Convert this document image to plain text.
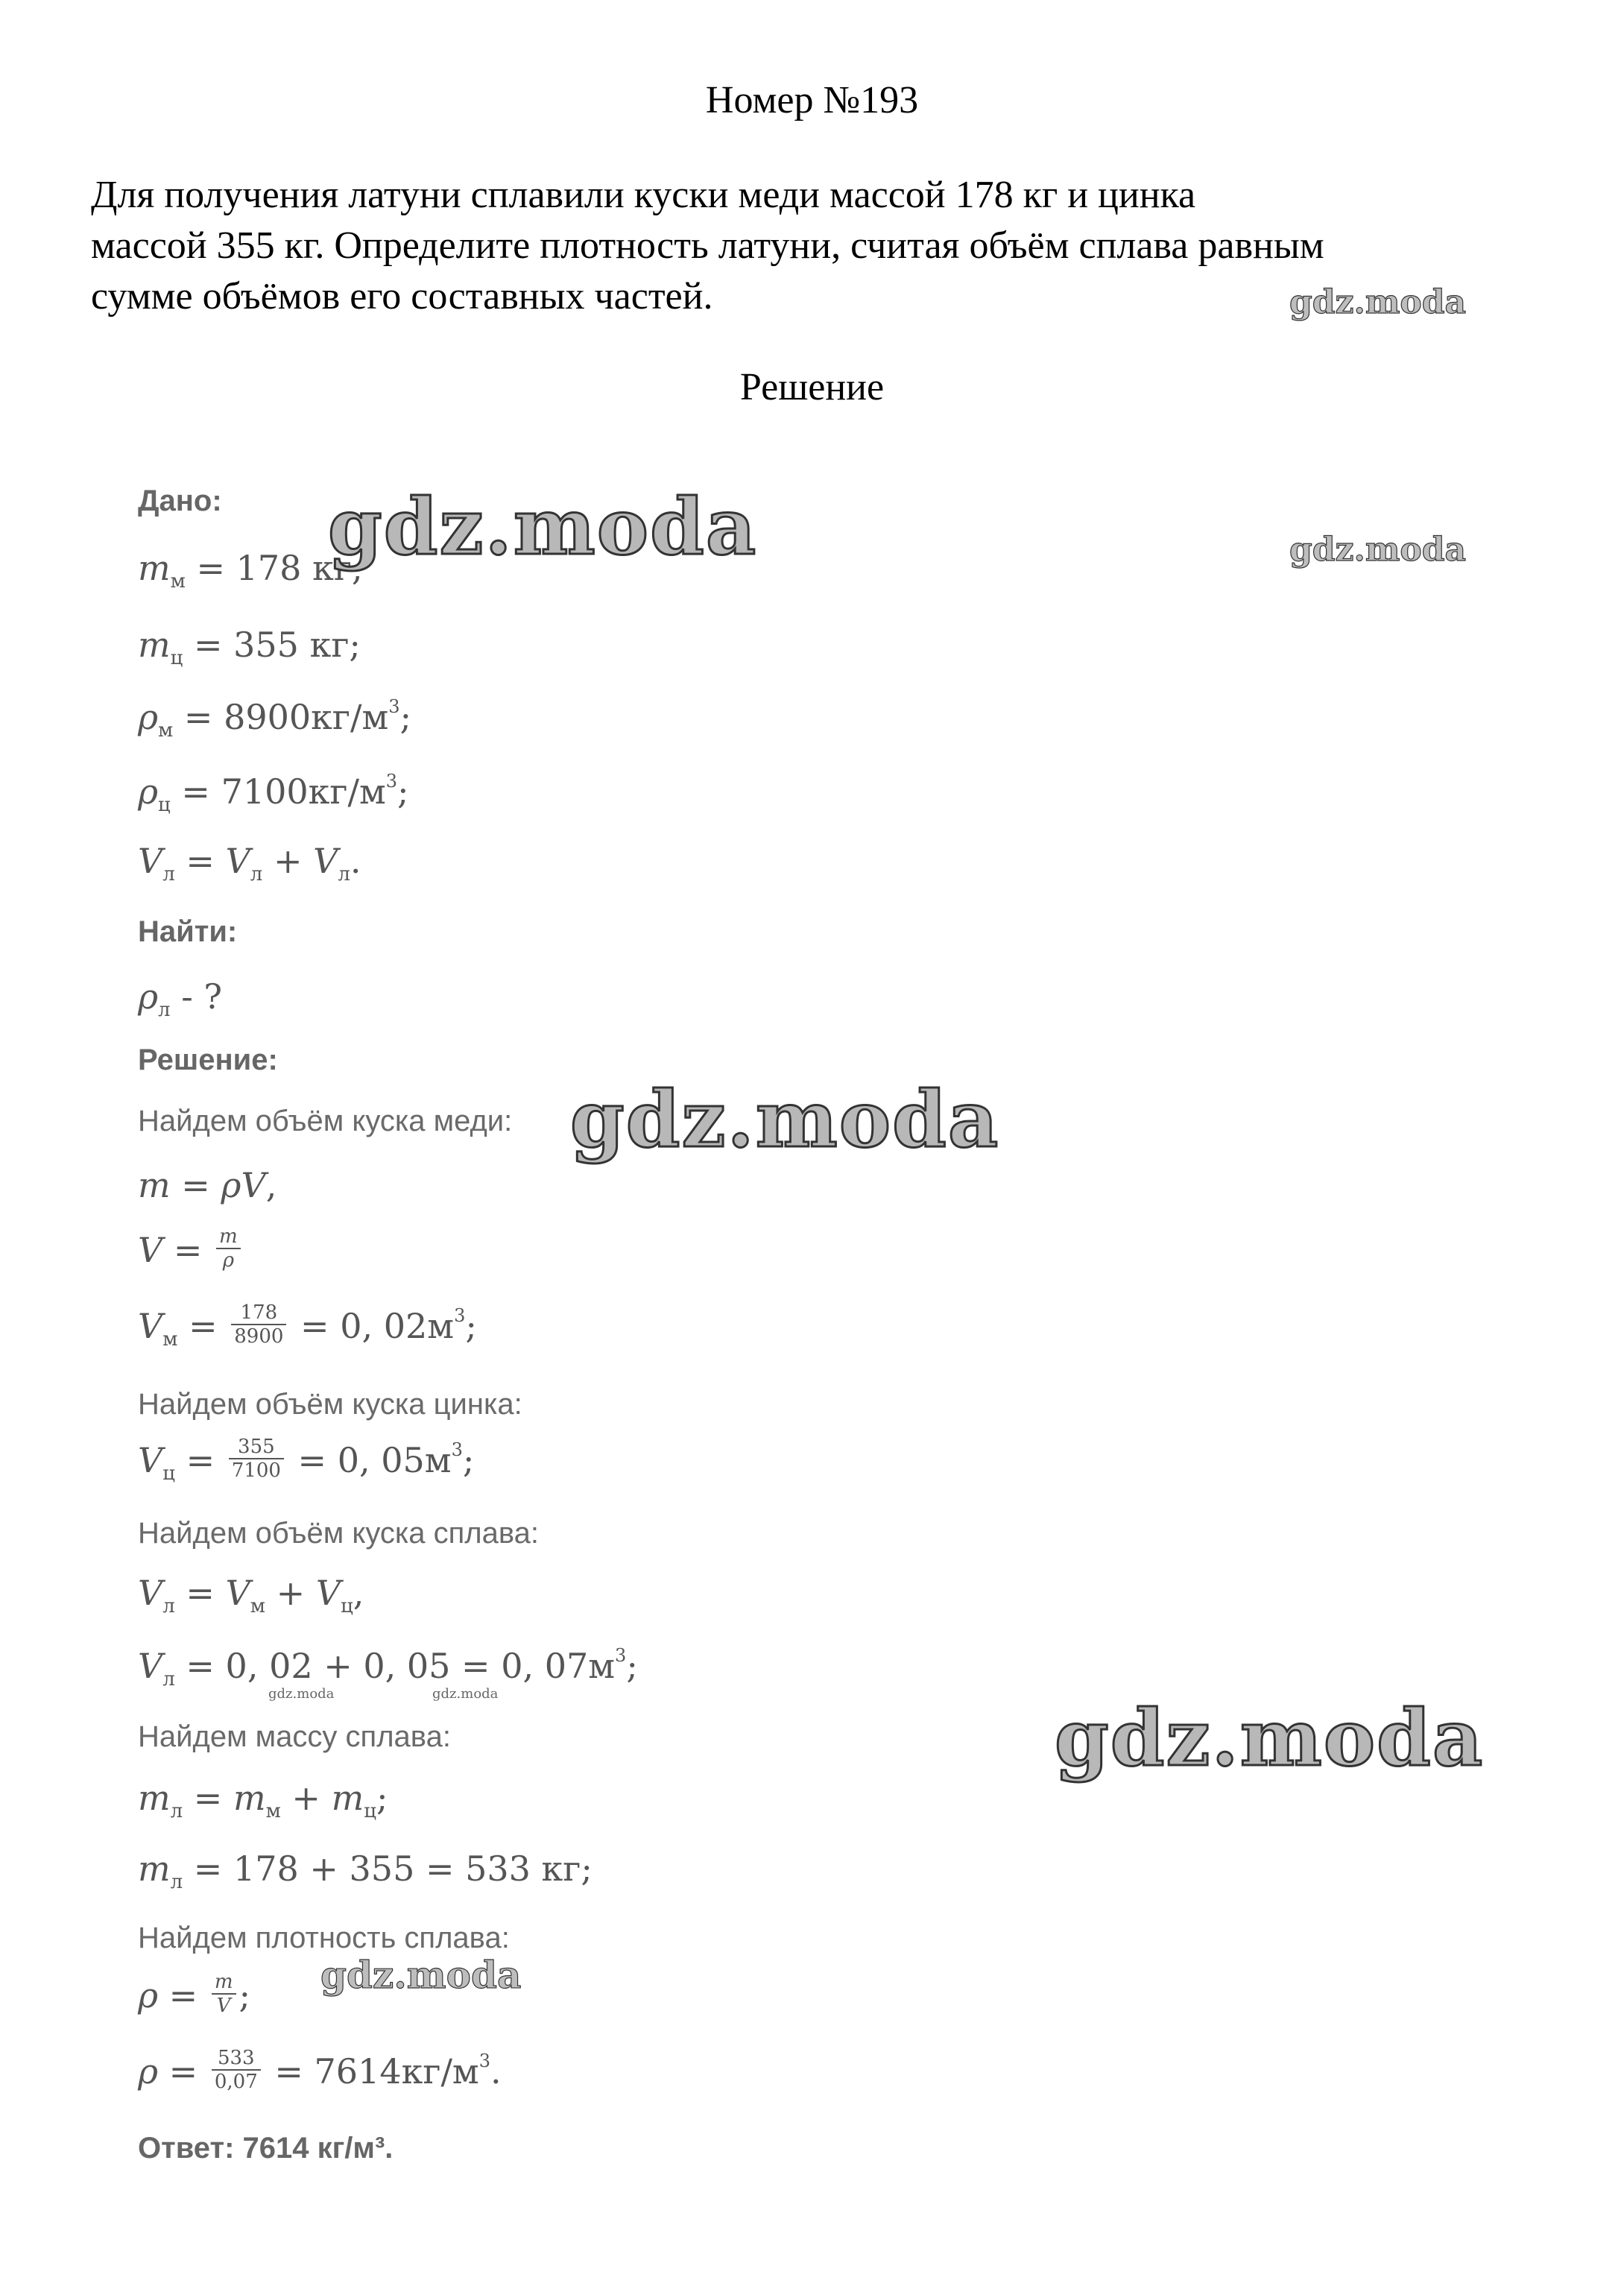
Номер №193
Для получения латуни сплавили куски меди массой 178 кг и цинка
массой 355 кг. Определите плотность латуни, считая объём сплава равным
сумме объёмов его составных частей.
Решение
Дано:
$m_м = 178$ кг;
$m_ц = 355$ кг;
$\rho_м = 8900кг/м^3$;
$\rho_ц = 7100кг/м^3$;
$V_л = V_л + V_л$.
Найти:
$\rho_л$ - ?
Решение:
Найдем объём куска меди:
m = ρV,
$V = \frac{m}{\rho}$
$V_м = \frac{178}{8900} = 0$, $02м^3$;
Найдем объём куска цинка:
$V_ц = \frac{355}{7100} = 0$, $05м^3$;
Найдем объём куска сплава:
$V_л = V_м + V_ц$,
$V_л = 0$, 02 + 0, 05 = 0, $07м^3$;
Найдем массу сплава:
$m_л = m_м + m_ц$;
$m_л = 178 + 355 = 533$ кг;
Найдем плотность сплава:
$\rho = \frac{m}{V}$ ;
$\rho = \frac{533}{0,07} = 7614кг/м^3$.
Ответ: 7614 кг/м³.
gdz.moda
gdz.moda	gdz.moda
gdz.moda
gdz.moda	gdz.moda	gdz.moda
gdz.moda
